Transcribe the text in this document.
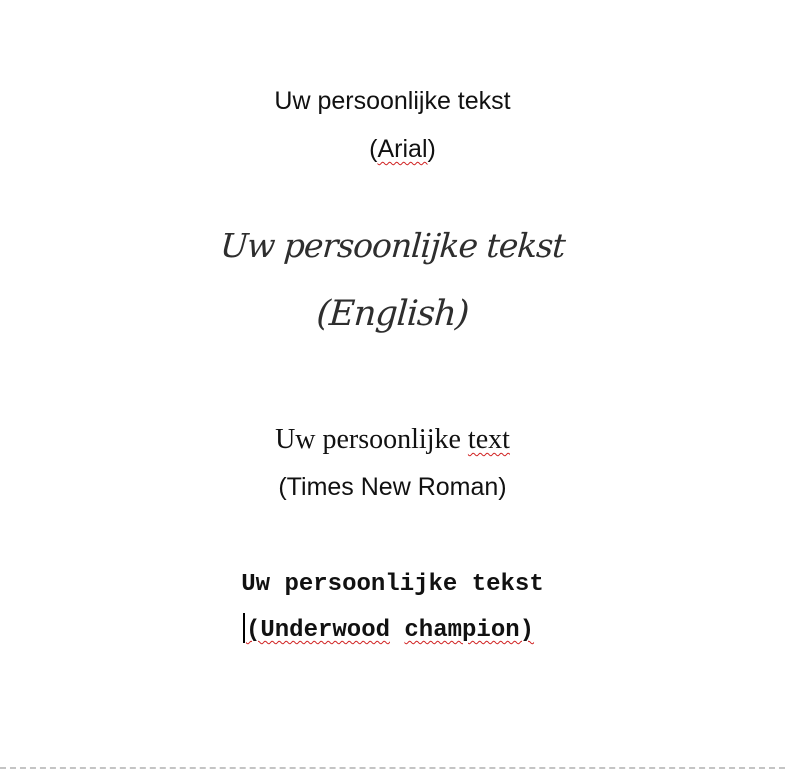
Uw persoonlijke tekst
(Arial)
Uw persoonlijke tekst
(English)
Uw persoonlijke text
(Times New Roman)
Uw persoonlijke tekst
(Underwood champion)
